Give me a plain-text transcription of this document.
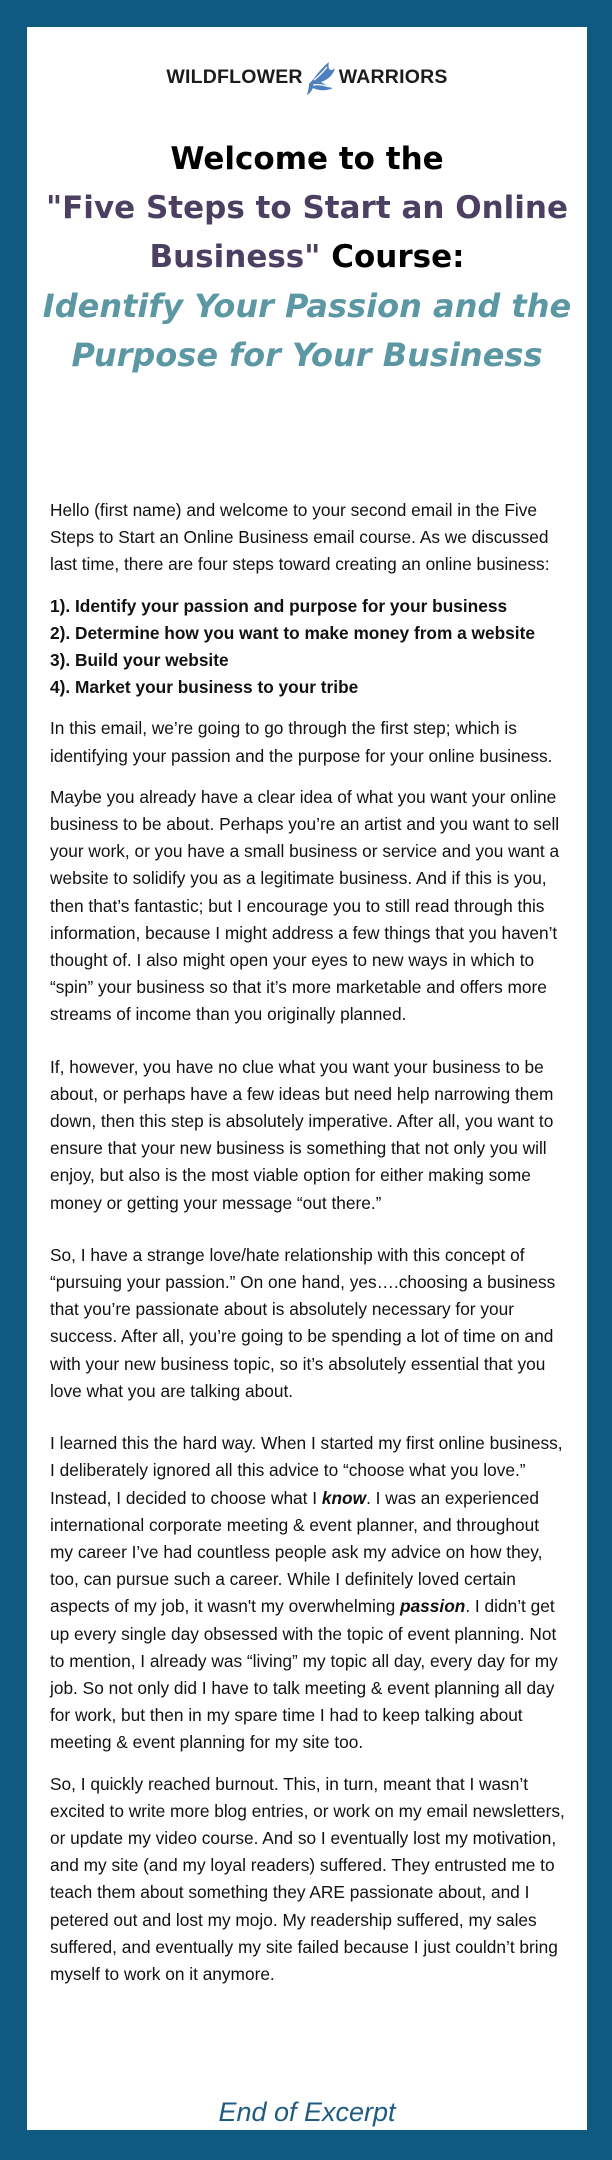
WILDFLOWER WARRIORS
Welcome to the
"Five Steps to Start an Online Business" Course:
Identify Your Passion and the Purpose for Your Business

Hello (first name) and welcome to your second email in the Five Steps to Start an Online Business email course. As we discussed last time, there are four steps toward creating an online business:

1). Identify your passion and purpose for your business
2). Determine how you want to make money from a website
3). Build your website
4). Market your business to your tribe

In this email, we’re going to go through the first step; which is identifying your passion and the purpose for your online business.

Maybe you already have a clear idea of what you want your online business to be about. Perhaps you’re an artist and you want to sell your work, or you have a small business or service and you want a website to solidify you as a legitimate business. And if this is you, then that’s fantastic; but I encourage you to still read through this information, because I might address a few things that you haven’t thought of. I also might open your eyes to new ways in which to “spin” your business so that it’s more marketable and offers more streams of income than you originally planned.

If, however, you have no clue what you want your business to be about, or perhaps have a few ideas but need help narrowing them down, then this step is absolutely imperative. After all, you want to ensure that your new business is something that not only you will enjoy, but also is the most viable option for either making some money or getting your message “out there.”

So, I have a strange love/hate relationship with this concept of “pursuing your passion.” On one hand, yes….choosing a business that you’re passionate about is absolutely necessary for your success. After all, you’re going to be spending a lot of time on and with your new business topic, so it’s absolutely essential that you love what you are talking about.

I learned this the hard way. When I started my first online business, I deliberately ignored all this advice to “choose what you love.” Instead, I decided to choose what I know. I was an experienced international corporate meeting & event planner, and throughout my career I’ve had countless people ask my advice on how they, too, can pursue such a career. While I definitely loved certain aspects of my job, it wasn't my overwhelming passion. I didn’t get up every single day obsessed with the topic of event planning. Not to mention, I already was “living” my topic all day, every day for my job. So not only did I have to talk meeting & event planning all day for work, but then in my spare time I had to keep talking about meeting & event planning for my site too.

So, I quickly reached burnout. This, in turn, meant that I wasn’t excited to write more blog entries, or work on my email newsletters, or update my video course. And so I eventually lost my motivation, and my site (and my loyal readers) suffered. They entrusted me to teach them about something they ARE passionate about, and I petered out and lost my mojo. My readership suffered, my sales suffered, and eventually my site failed because I just couldn’t bring myself to work on it anymore.

End of Excerpt
